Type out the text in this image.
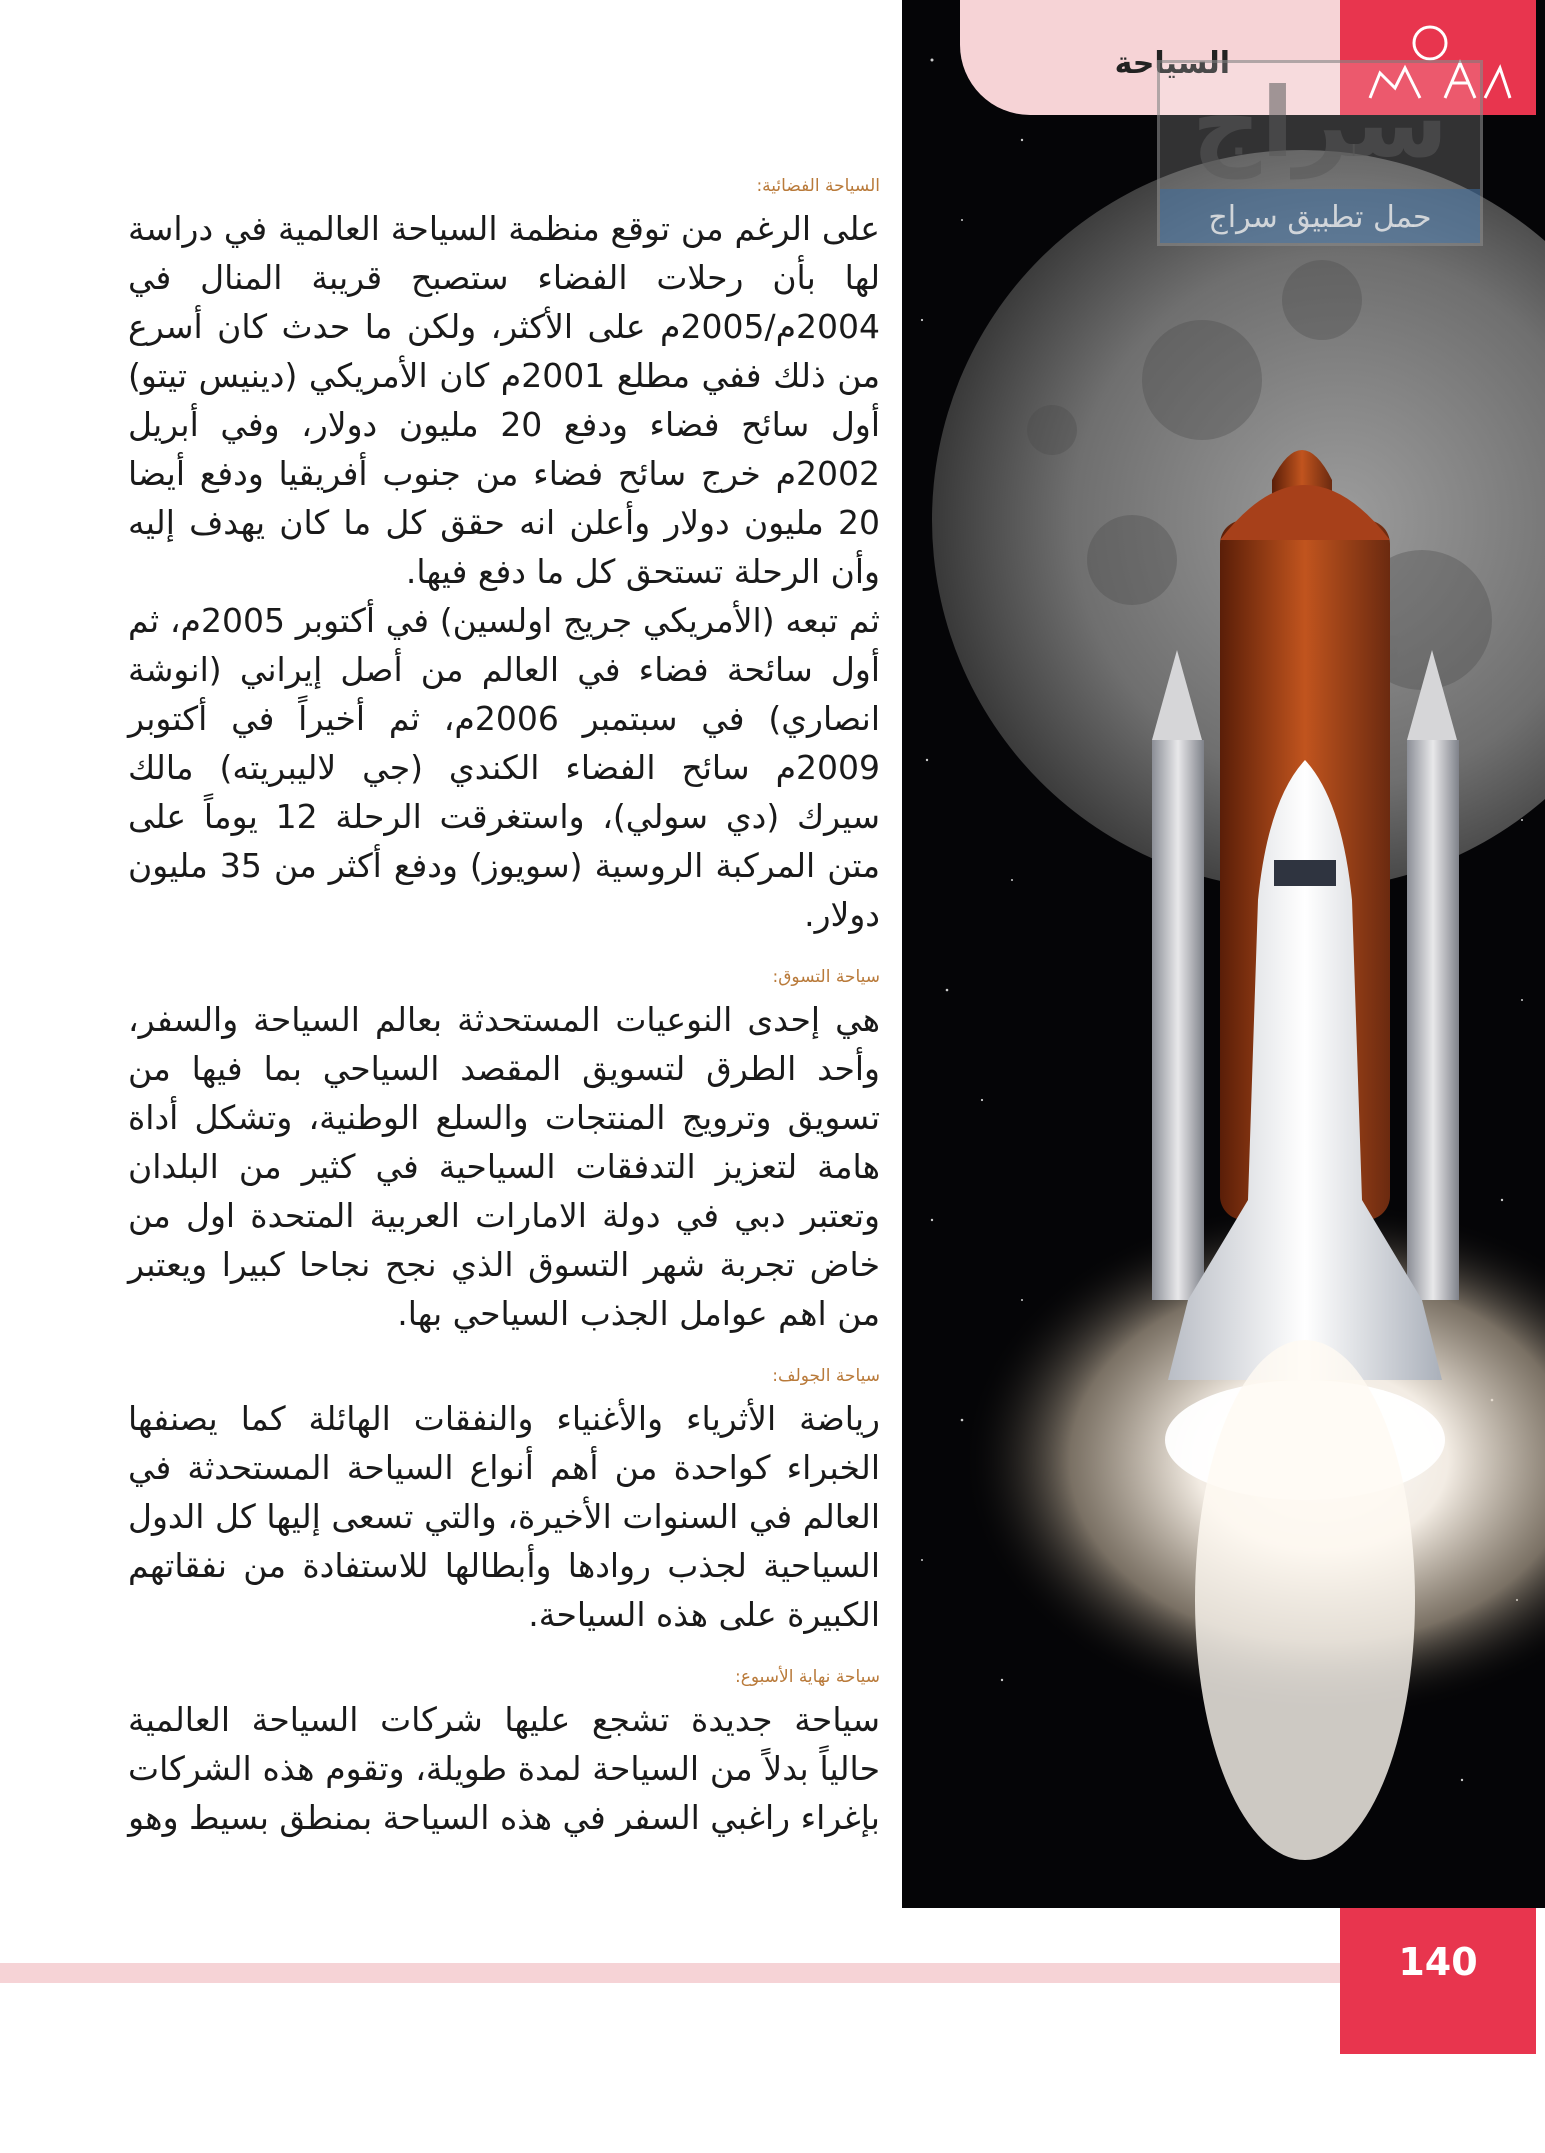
السياحة
سراج
حمل تطبيق سراج
السياحة الفضائية:

على الرغم من توقع منظمة السياحة العالمية في دراسة لها بأن رحلات الفضاء ستصبح قريبة المنال في 2004م/2005م على الأكثر، ولكن ما حدث كان أسرع من ذلك ففي مطلع 2001م كان الأمريكي (دينيس تيتو) أول سائح فضاء ودفع 20 مليون دولار، وفي أبريل 2002م خرج سائح فضاء من جنوب أفريقيا ودفع أيضا 20 مليون دولار وأعلن انه حقق كل ما كان يهدف إليه وأن الرحلة تستحق كل ما دفع فيها.

ثم تبعه (الأمريكي جريج اولسين) في أكتوبر 2005م، ثم أول سائحة فضاء في العالم من أصل إيراني (انوشة انصاري) في سبتمبر 2006م، ثم أخيراً في أكتوبر 2009م سائح الفضاء الكندي (جي لاليبريته) مالك سيرك (دي سولي)، واستغرقت الرحلة 12 يوماً على متن المركبة الروسية (سويوز) ودفع أكثر من 35 مليون دولار.

سياحة التسوق:

هي إحدى النوعيات المستحدثة بعالم السياحة والسفر، وأحد الطرق لتسويق المقصد السياحي بما فيها من تسويق وترويج المنتجات والسلع الوطنية، وتشكل أداة هامة لتعزيز التدفقات السياحية في كثير من البلدان وتعتبر دبي في دولة الامارات العربية المتحدة اول من خاض تجربة شهر التسوق الذي نجح نجاحا كبيرا ويعتبر من اهم عوامل الجذب السياحي بها.

سياحة الجولف:

رياضة الأثرياء والأغنياء والنفقات الهائلة كما يصنفها الخبراء كواحدة من أهم أنواع السياحة المستحدثة في العالم في السنوات الأخيرة، والتي تسعى إليها كل الدول السياحية لجذب روادها وأبطالها للاستفادة من نفقاتهم الكبيرة على هذه السياحة.

سياحة نهاية الأسبوع:

سياحة جديدة تشجع عليها شركات السياحة العالمية حالياً بدلاً من السياحة لمدة طويلة، وتقوم هذه الشركات بإغراء راغبي السفر في هذه السياحة بمنطق بسيط وهو

140
